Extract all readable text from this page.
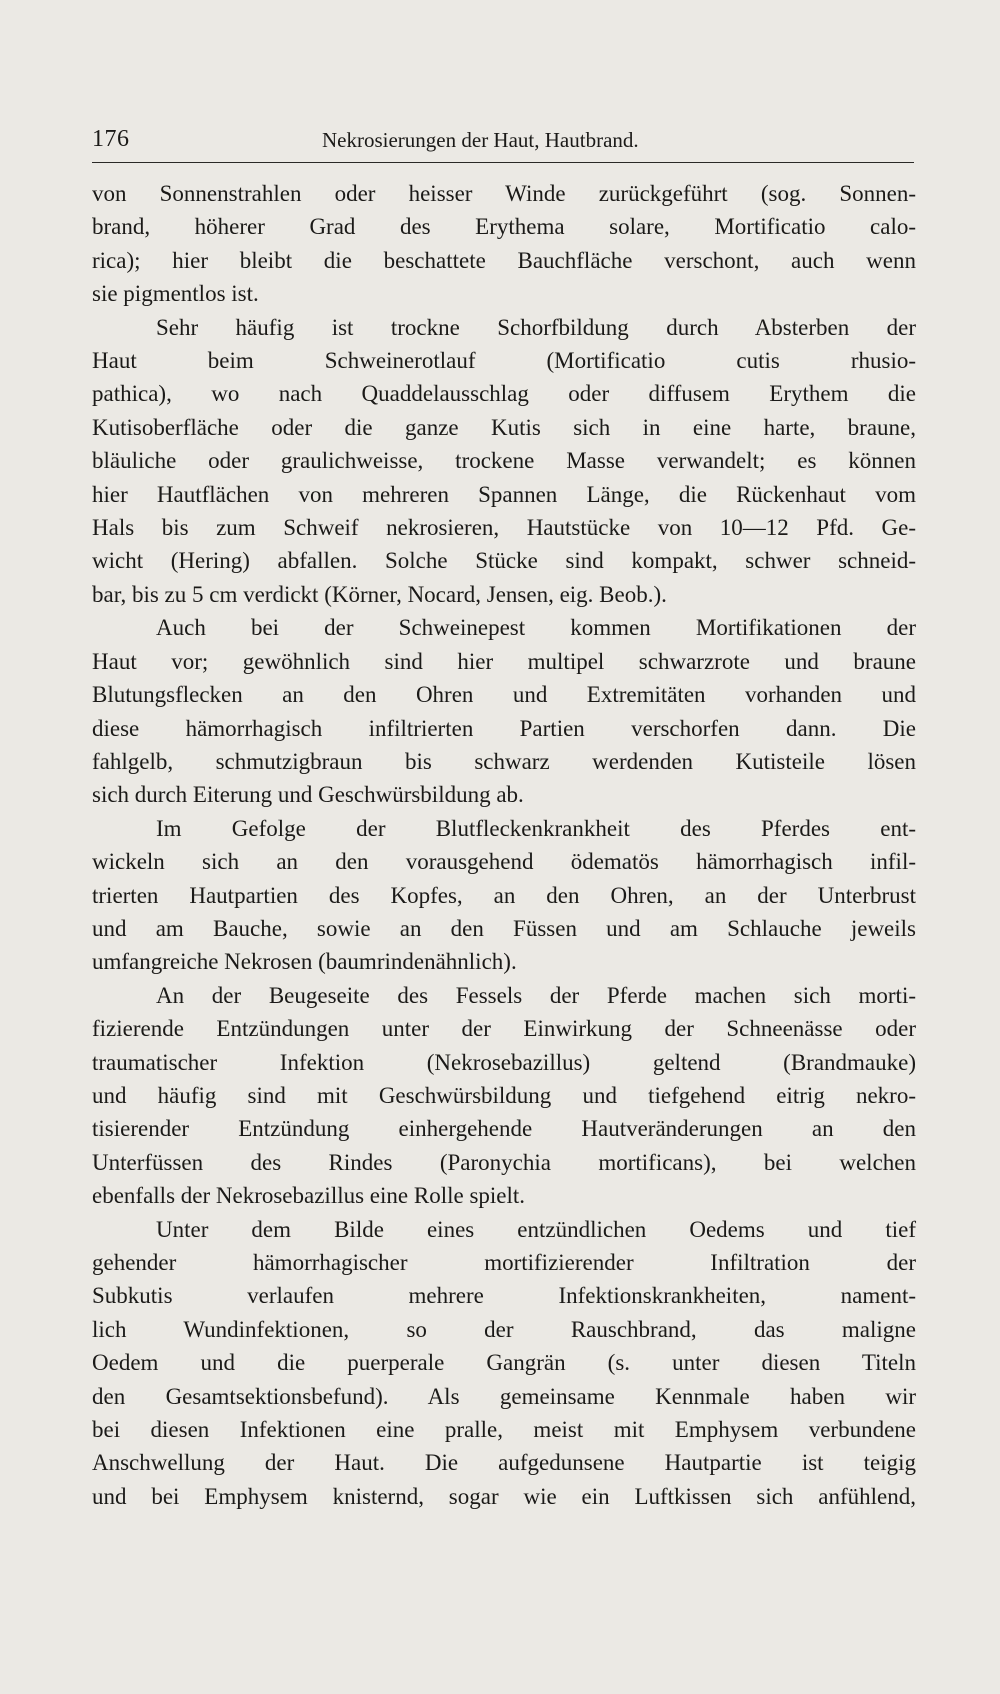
176	Nekrosierungen der Haut, Hautbrand.
von Sonnenstrahlen oder heisser Winde zurückgeführt (sog. Sonnen-
brand, höherer Grad des Erythema solare, Mortificatio calo-
rica); hier bleibt die beschattete Bauchfläche verschont, auch wenn
sie pigmentlos ist.
Sehr häufig ist trockne Schorfbildung durch Absterben der
Haut beim Schweinerotlauf (Mortificatio cutis rhusio-
pathica), wo nach Quaddelausschlag oder diffusem Erythem die
Kutisoberfläche oder die ganze Kutis sich in eine harte, braune,
bläuliche oder graulichweisse, trockene Masse verwandelt; es können
hier Hautflächen von mehreren Spannen Länge, die Rückenhaut vom
Hals bis zum Schweif nekrosieren, Hautstücke von 10—12 Pfd. Ge-
wicht (Hering) abfallen. Solche Stücke sind kompakt, schwer schneid-
bar, bis zu 5 cm verdickt (Körner, Nocard, Jensen, eig. Beob.).
Auch bei der Schweinepest kommen Mortifikationen der
Haut vor; gewöhnlich sind hier multipel schwarzrote und braune
Blutungsflecken an den Ohren und Extremitäten vorhanden und
diese hämorrhagisch infiltrierten Partien verschorfen dann. Die
fahlgelb, schmutzigbraun bis schwarz werdenden Kutisteile lösen
sich durch Eiterung und Geschwürsbildung ab.
Im Gefolge der Blutfleckenkrankheit des Pferdes ent-
wickeln sich an den vorausgehend ödematös hämorrhagisch infil-
trierten Hautpartien des Kopfes, an den Ohren, an der Unterbrust
und am Bauche, sowie an den Füssen und am Schlauche jeweils
umfangreiche Nekrosen (baumrindenähnlich).
An der Beugeseite des Fessels der Pferde machen sich morti-
fizierende Entzündungen unter der Einwirkung der Schneenässe oder
traumatischer Infektion (Nekrosebazillus) geltend (Brandmauke)
und häufig sind mit Geschwürsbildung und tiefgehend eitrig nekro-
tisierender Entzündung einhergehende Hautveränderungen an den
Unterfüssen des Rindes (Paronychia mortificans), bei welchen
ebenfalls der Nekrosebazillus eine Rolle spielt.
Unter dem Bilde eines entzündlichen Oedems und tief
gehender hämorrhagischer mortifizierender Infiltration der
Subkutis verlaufen mehrere Infektionskrankheiten, nament-
lich Wundinfektionen, so der Rauschbrand, das maligne
Oedem und die puerperale Gangrän (s. unter diesen Titeln
den Gesamtsektionsbefund). Als gemeinsame Kennmale haben wir
bei diesen Infektionen eine pralle, meist mit Emphysem verbundene
Anschwellung der Haut. Die aufgedunsene Hautpartie ist teigig
und bei Emphysem knisternd, sogar wie ein Luftkissen sich anfühlend,
